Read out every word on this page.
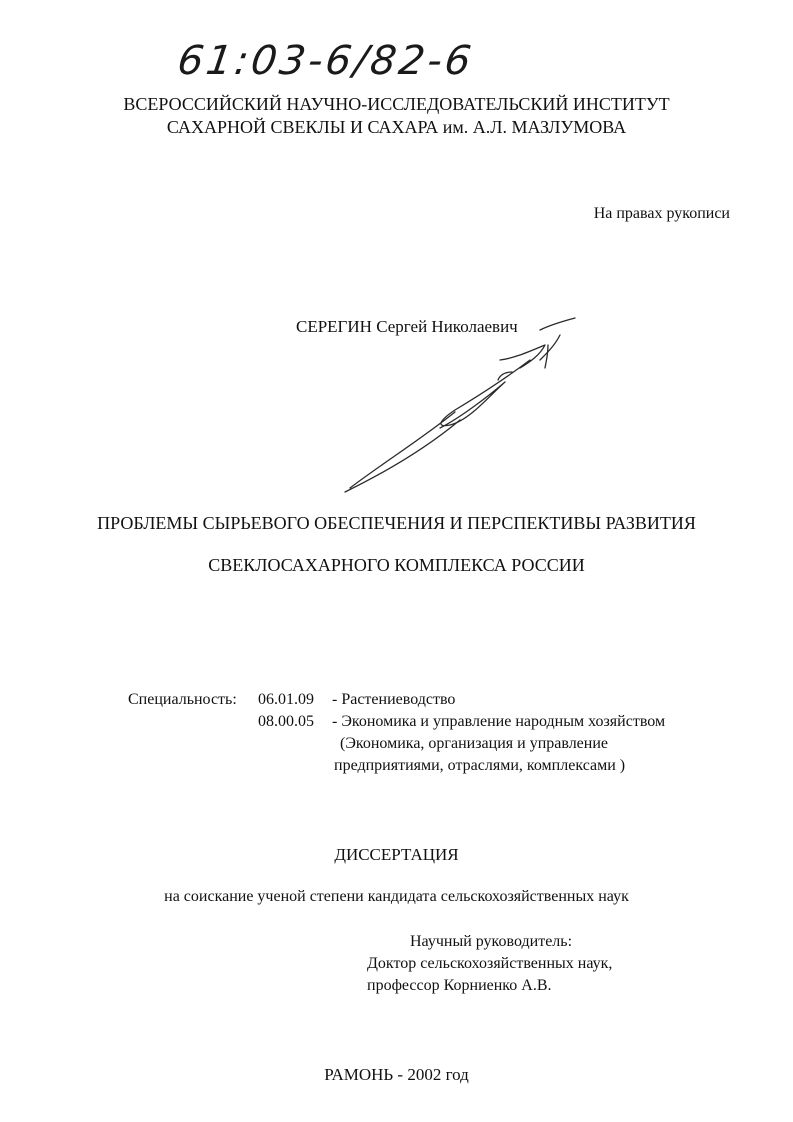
61:03-6/82-6
ВСЕРОССИЙСКИЙ НАУЧНО-ИССЛЕДОВАТЕЛЬСКИЙ ИНСТИТУТ
САХАРНОЙ СВЕКЛЫ И САХАРА им. А.Л. МАЗЛУМОВА
На правах рукописи
СЕРЕГИН Сергей Николаевич
ПРОБЛЕМЫ СЫРЬЕВОГО ОБЕСПЕЧЕНИЯ И ПЕРСПЕКТИВЫ РАЗВИТИЯ
СВЕКЛОСАХАРНОГО КОМПЛЕКСА РОССИИ
Специальность: 06.01.09 - Растениеводство
08.00.05 - Экономика и управление народным хозяйством
(Экономика, организация и управление
предприятиями, отраслями, комплексами )
ДИССЕРТАЦИЯ
на соискание ученой степени кандидата сельскохозяйственных наук
Научный руководитель:
Доктор сельскохозяйственных наук,
профессор Корниенко А.В.
РАМОНЬ - 2002 год
